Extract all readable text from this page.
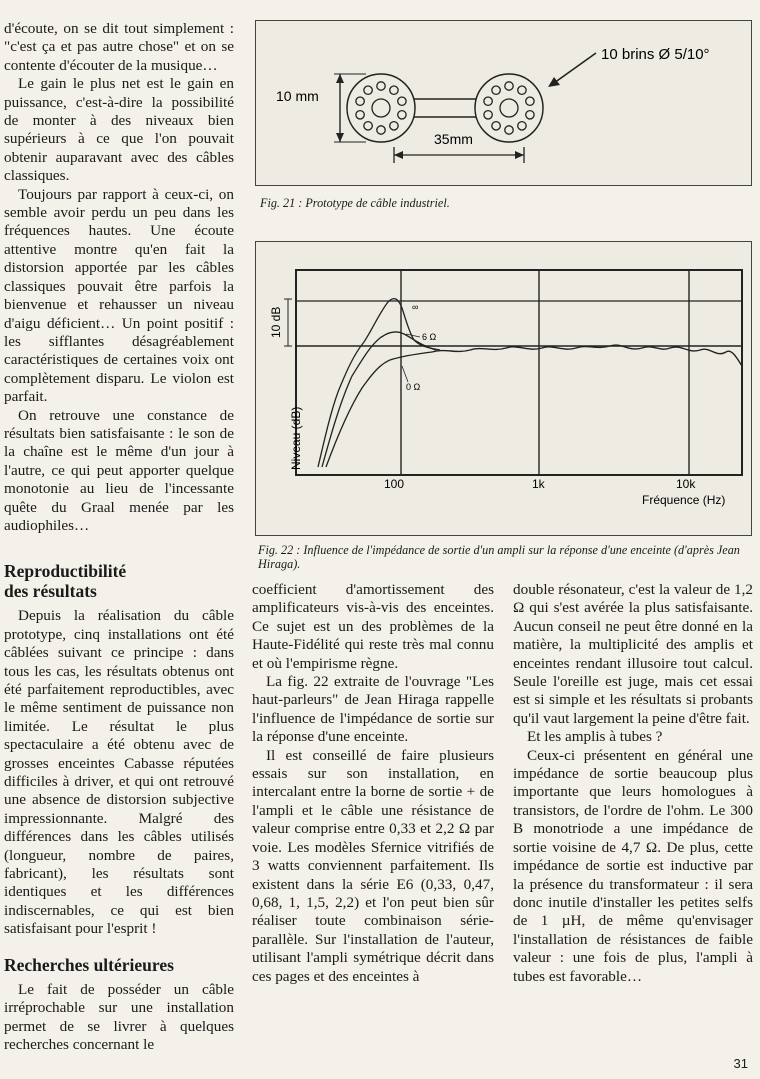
d'écoute, on se dit tout simplement : "c'est ça et pas autre chose" et on se contente d'écouter de la musique…

Le gain le plus net est le gain en puissance, c'est-à-dire la possibilité de monter à des niveaux bien supérieurs à ce que l'on pouvait obtenir auparavant avec des câbles classiques.

Toujours par rapport à ceux-ci, on semble avoir perdu un peu dans les fréquences hautes. Une écoute attentive montre qu'en fait la distorsion apportée par les câbles classiques pouvait être parfois la bienvenue et rehausser un niveau d'aigu déficient… Un point positif : les sifflantes désagréablement caractéristiques de certaines voix ont complètement disparu. Le violon est parfait.

On retrouve une constance de résultats bien satisfaisante : le son de la chaîne est le même d'un jour à l'autre, ce qui peut apporter quelque monotonie au lieu de l'incessante quête du Graal menée par les audiophiles…

Reproductibilité
des résultats

Depuis la réalisation du câble prototype, cinq installations ont été câblées suivant ce principe : dans tous les cas, les résultats obtenus ont été parfaitement reproductibles, avec le même sentiment de puissance non limitée. Le résultat le plus spectaculaire a été obtenu avec de grosses enceintes Cabasse réputées difficiles à driver, et qui ont retrouvé une absence de distorsion subjective impressionnante. Malgré des différences dans les câbles utilisés (longueur, nombre de paires, fabricant), les résultats sont identiques et les différences indiscernables, ce qui est bien satisfaisant pour l'esprit !

Recherches ultérieures

Le fait de posséder un câble irréprochable sur une installation permet de se livrer à quelques recherches concernant le

10 mm
35mm
10 brins Ø 5/10°
Fig. 21 : Prototype de câble industriel.
10 dB
Niveau (dB)
100	1k	10k
Fréquence (Hz)
∞
6 Ω
0 Ω
Fig. 22 : Influence de l'impédance de sortie d'un ampli sur la réponse d'une enceinte (d'après Jean Hiraga).

coefficient d'amortissement des amplificateurs vis-à-vis des enceintes. Ce sujet est un des problèmes de la Haute-Fidélité qui reste très mal connu et où l'empirisme règne.

La fig. 22 extraite de l'ouvrage "Les haut-parleurs" de Jean Hiraga rappelle l'influence de l'impédance de sortie sur la réponse d'une enceinte.

Il est conseillé de faire plusieurs essais sur son installation, en intercalant entre la borne de sortie + de l'ampli et le câble une résistance de valeur comprise entre 0,33 et 2,2 Ω par voie. Les modèles Sfernice vitrifiés de 3 watts conviennent parfaitement. Ils existent dans la série E6 (0,33, 0,47, 0,68, 1, 1,5, 2,2) et l'on peut bien sûr réaliser toute combinaison série-parallèle. Sur l'installation de l'auteur, utilisant l'ampli symétrique décrit dans ces pages et des enceintes à

double résonateur, c'est la valeur de 1,2 Ω qui s'est avérée la plus satisfaisante. Aucun conseil ne peut être donné en la matière, la multiplicité des amplis et enceintes rendant illusoire tout calcul. Seule l'oreille est juge, mais cet essai est si simple et les résultats si probants qu'il vaut largement la peine d'être fait.

Et les amplis à tubes ?

Ceux-ci présentent en général une impédance de sortie beaucoup plus importante que leurs homologues à transistors, de l'ordre de l'ohm. Le 300 B monotriode a une impédance de sortie voisine de 4,7 Ω. De plus, cette impédance de sortie est inductive par la présence du transformateur : il sera donc inutile d'installer les petites selfs de 1 µH, de même qu'envisager l'installation de résistances de faible valeur : une fois de plus, l'ampli à tubes est favorable…

31
